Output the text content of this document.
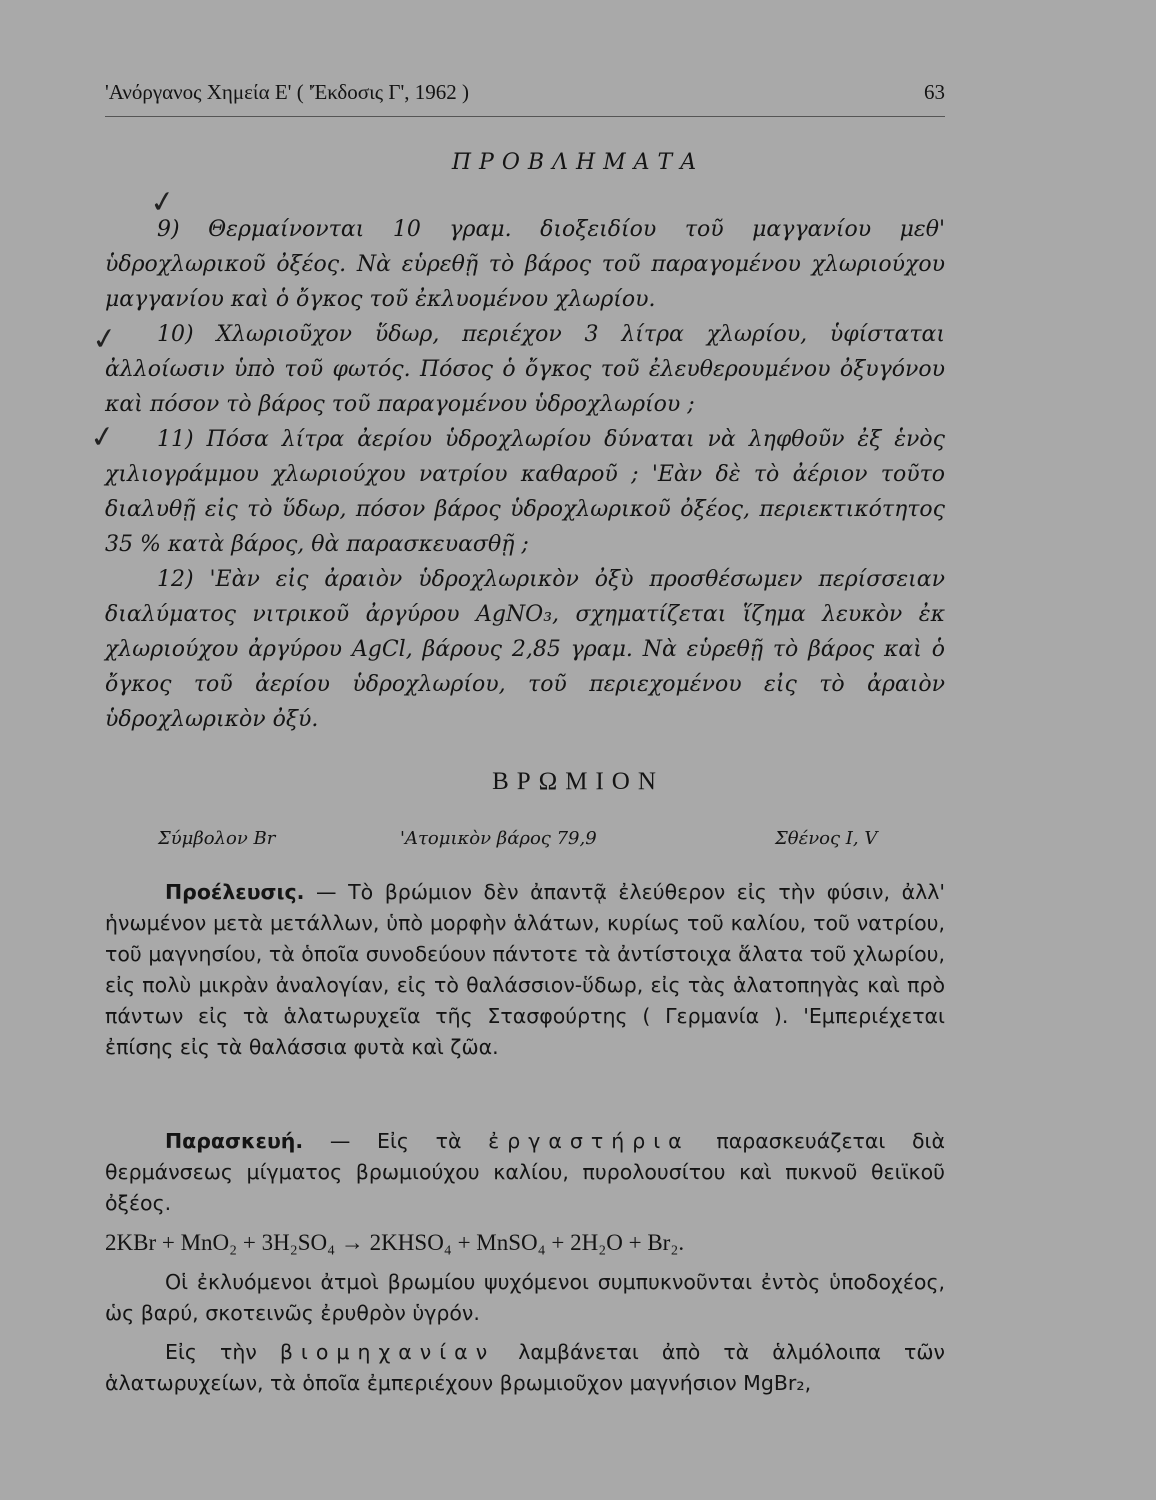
'Ανόργανος Χημεία Ε' ( 'Έκδοσις Γ', 1962 )	63
ΠΡΟΒΛΗΜΑΤΑ
✓
✓
✓

9) Θερμαίνονται 10 γραμ. διοξειδίου τοῦ μαγγανίου μεθ' ὑδροχλωρικοῦ ὀξέος. Νὰ εὑρεθῇ τὸ βάρος τοῦ παραγομένου χλωριούχου μαγγανίου καὶ ὁ ὄγκος τοῦ ἐκλυομένου χλωρίου.

10) Χλωριοῦχον ὕδωρ, περιέχον 3 λίτρα χλωρίου, ὑφίσταται ἀλλοίωσιν ὑπὸ τοῦ φωτός. Πόσος ὁ ὄγκος τοῦ ἐλευθερουμένου ὀξυγόνου καὶ πόσον τὸ βάρος τοῦ παραγομένου ὑδροχλωρίου ;

11) Πόσα λίτρα ἀερίου ὑδροχλωρίου δύναται νὰ ληφθοῦν ἐξ ἑνὸς χιλιογράμμου χλωριούχου νατρίου καθαροῦ ; 'Εὰν δὲ τὸ ἀέριον τοῦτο διαλυθῇ εἰς τὸ ὕδωρ, πόσον βάρος ὑδροχλωρικοῦ ὀξέος, περιεκτικότητος 35 % κατὰ βάρος, θὰ παρασκευασθῇ ;

12) 'Εὰν εἰς ἀραιὸν ὑδροχλωρικὸν ὀξὺ προσθέσωμεν περίσσειαν διαλύματος νιτρικοῦ ἀργύρου AgNO₃, σχηματίζεται ἵζημα λευκὸν ἐκ χλωριούχου ἀργύρου AgCl, βάρους 2,85 γραμ. Νὰ εὑρεθῇ τὸ βάρος καὶ ὁ ὄγκος τοῦ ἀερίου ὑδροχλωρίου, τοῦ περιεχομένου εἰς τὸ ἀραιὸν ὑδροχλωρικὸν ὀξύ.

ΒΡΩΜΙΟΝ
Σύμβολον Br	'Ατομικὸν βάρος 79,9	Σθένος I, V

Προέλευσις. — Τὸ βρώμιον δὲν ἀπαντᾷ ἐλεύθερον εἰς τὴν φύσιν, ἀλλ' ἡνωμένον μετὰ μετάλλων, ὑπὸ μορφὴν ἁλάτων, κυρίως τοῦ καλίου, τοῦ νατρίου, τοῦ μαγνησίου, τὰ ὁποῖα συνοδεύουν πάντοτε τὰ ἀντίστοιχα ἅλατα τοῦ χλωρίου, εἰς πολὺ μικρὰν ἀναλογίαν, εἰς τὸ θαλάσσιον-ὕδωρ, εἰς τὰς ἁλατοπηγὰς καὶ πρὸ πάντων εἰς τὰ ἁλατωρυχεῖα τῆς Στασφούρτης ( Γερμανία ). 'Εμπεριέχεται ἐπίσης εἰς τὰ θαλάσσια φυτὰ καὶ ζῶα.

Παρασκευή. — Εἰς τὰ ἐργαστήρια παρασκευάζεται διὰ θερμάνσεως μίγματος βρωμιούχου καλίου, πυρολουσίτου καὶ πυκνοῦ θειϊκοῦ ὀξέος.

2KBr + MnO₂ + 3H₂SO₄ → 2KHSO₄ + MnSO₄ + 2H₂O + Br₂.

Οἱ ἐκλυόμενοι ἀτμοὶ βρωμίου ψυχόμενοι συμπυκνοῦνται ἐντὸς ὑποδοχέος, ὡς βαρύ, σκοτεινῶς ἐρυθρὸν ὑγρόν.

Εἰς τὴν βιομηχανίαν λαμβάνεται ἀπὸ τὰ ἁλμόλοιπα τῶν ἁλατωρυχείων, τὰ ὁποῖα ἐμπεριέχουν βρωμιοῦχον μαγνήσιον MgBr₂,
